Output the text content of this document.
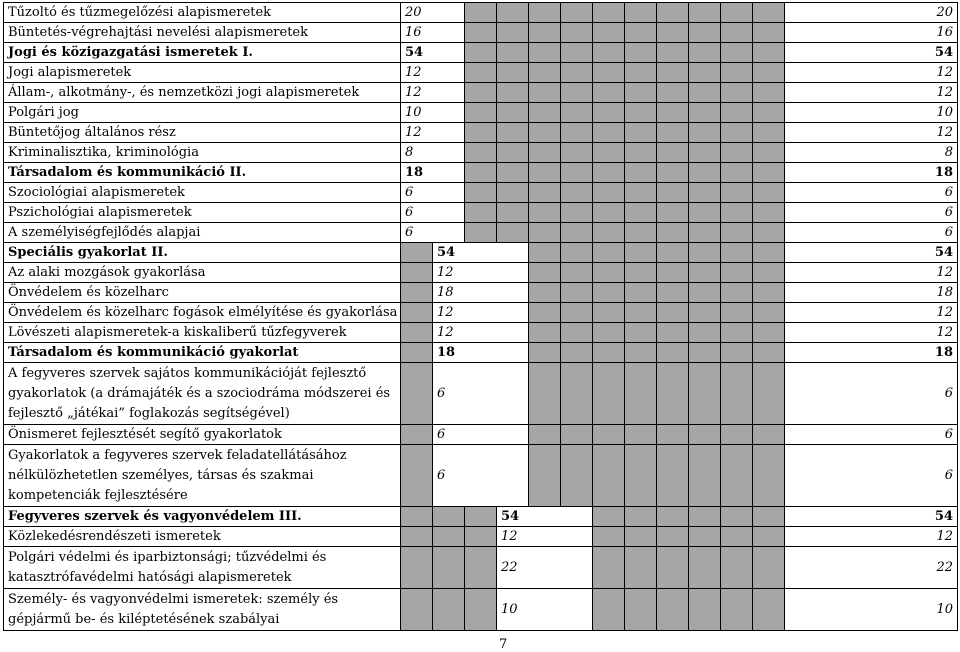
Tűzoltó és tűzmegelőzési alapismeretek	20												20
Büntetés-végrehajtási nevelési alapismeretek	16												16
Jogi és közigazgatási ismeretek I.	54												54
Jogi alapismeretek	12												12
Állam-, alkotmány-, és nemzetközi jogi alapismeretek	12												12
Polgári jog	10												10
Büntetőjog általános rész	12												12
Kriminalisztika, kriminológia	8												8
Társadalom és kommunikáció II.	18												18
Szociológiai alapismeretek	6												6
Pszichológiai alapismeretek	6												6
A személyiségfejlődés alapjai	6												6
Speciális gyakorlat II.		54											54
Az alaki mozgások gyakorlása		12											12
Önvédelem és közelharc		18											18
Önvédelem és közelharc fogások elmélyítése és gyakorlása		12											12
Lövészeti alapismeretek-a kiskaliberű tűzfegyverek		12											12
Társadalom és kommunikáció gyakorlat		18											18
A fegyveres szervek sajátos kommunikációját fejlesztő gyakorlatok (a drámajáték és a szociodráma módszerei és fejlesztő „játékai” foglakozás segítségével)		6											6
Önismeret fejlesztését segítő gyakorlatok		6											6
Gyakorlatok a fegyveres szervek feladatellátásához nélkülözhetetlen személyes, társas és szakmai kompetenciák fejlesztésére		6											6
Fegyveres szervek és vagyonvédelem III.				54									54
Közlekedésrendészeti ismeretek				12									12
Polgári védelmi és iparbiztonsági; tűzvédelmi és katasztrófavédelmi hatósági alapismeretek				22									22
Személy- és vagyonvédelmi ismeretek: személy és gépjármű be- és kiléptetésének szabályai				10									10
7
